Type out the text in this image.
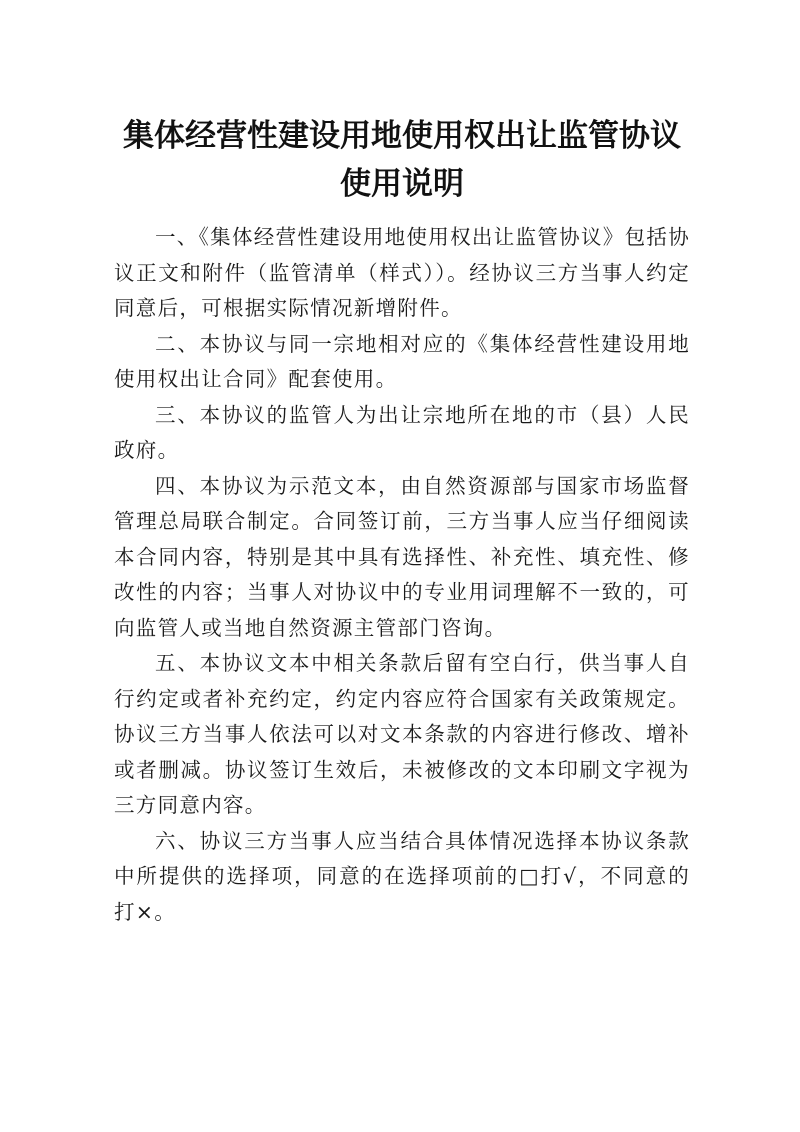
集体经营性建设用地使用权出让监管协议
使用说明

一、《集体经营性建设用地使用权出让监管协议》包括协议正文和附件（监管清单（样式））。经协议三方当事人约定同意后，可根据实际情况新增附件。

二、本协议与同一宗地相对应的《集体经营性建设用地使用权出让合同》配套使用。

三、本协议的监管人为出让宗地所在地的市（县）人民政府。

四、本协议为示范文本，由自然资源部与国家市场监督管理总局联合制定。合同签订前，三方当事人应当仔细阅读本合同内容，特别是其中具有选择性、补充性、填充性、修改性的内容；当事人对协议中的专业用词理解不一致的，可向监管人或当地自然资源主管部门咨询。

五、本协议文本中相关条款后留有空白行，供当事人自行约定或者补充约定，约定内容应符合国家有关政策规定。协议三方当事人依法可以对文本条款的内容进行修改、增补或者删减。协议签订生效后，未被修改的文本印刷文字视为三方同意内容。

六、协议三方当事人应当结合具体情况选择本协议条款中所提供的选择项，同意的在选择项前的□打√，不同意的打×。
